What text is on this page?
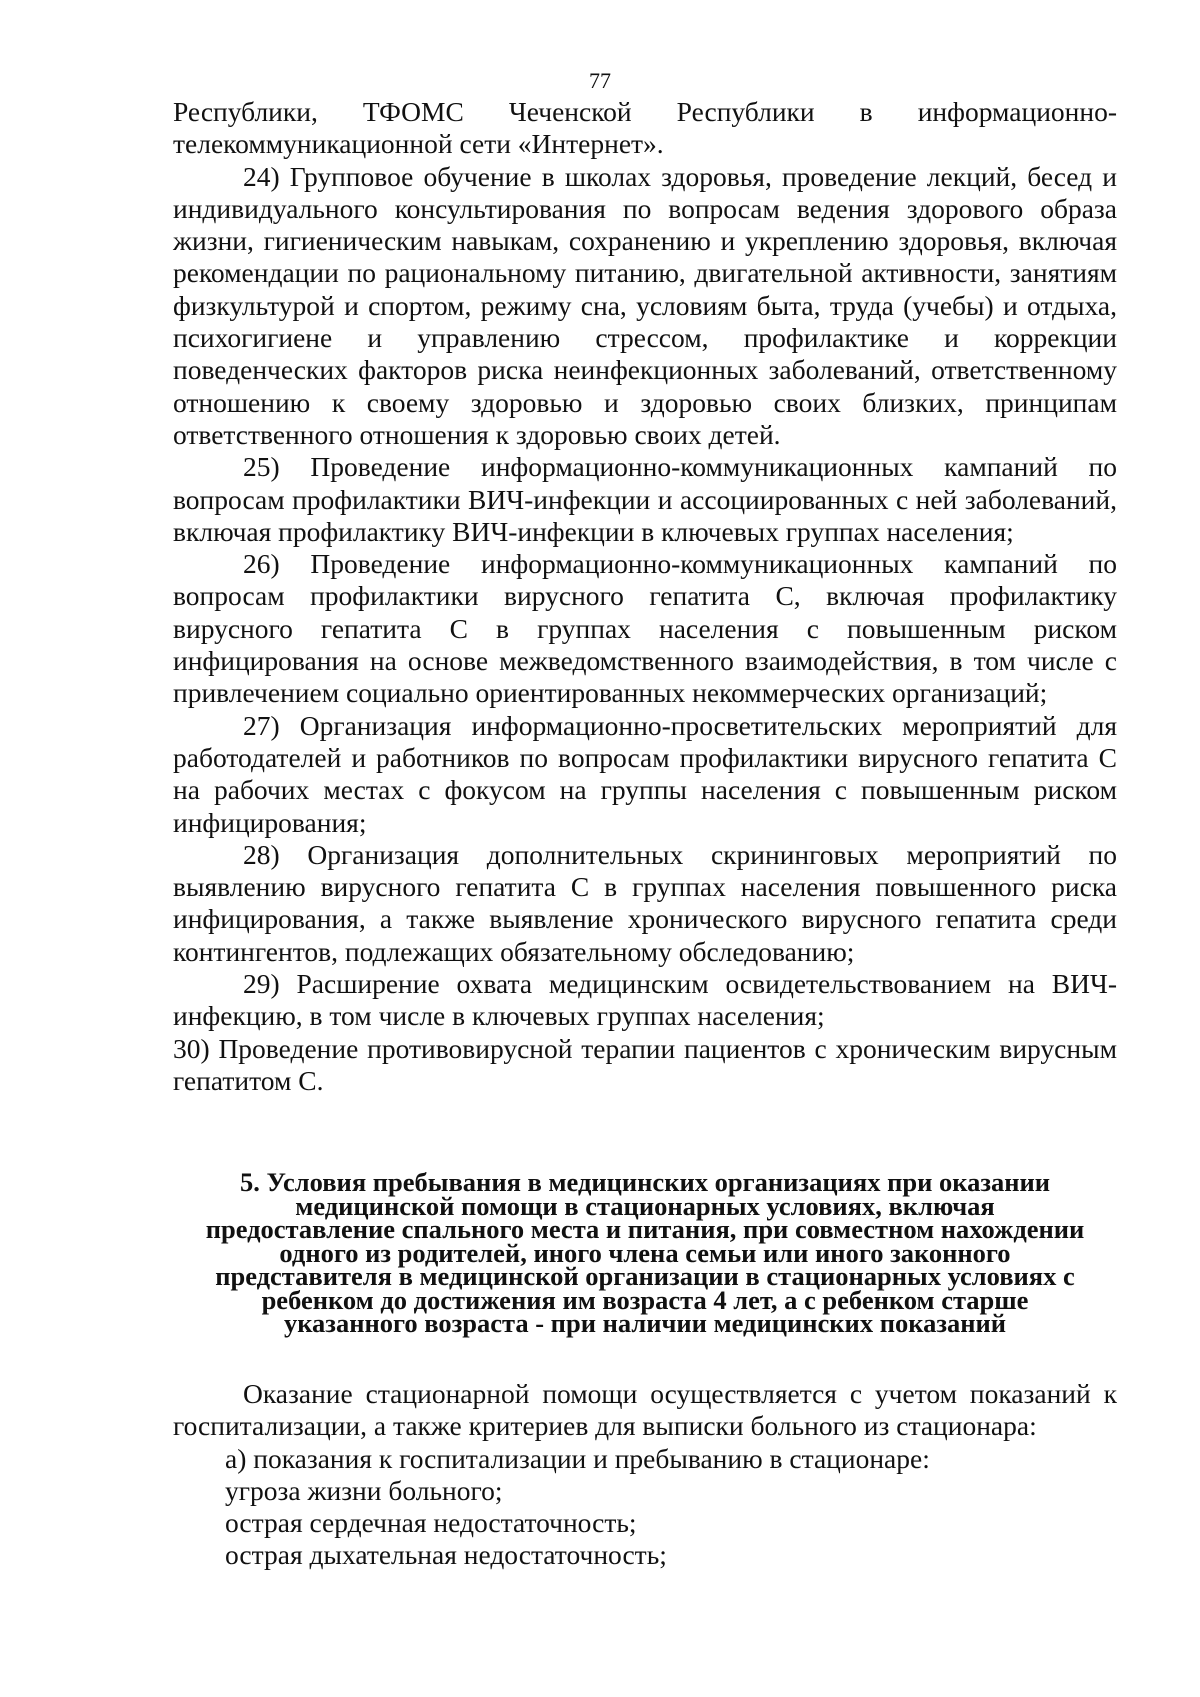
77

Республики, ТФОМС Чеченской Республики в информационно-телекоммуникационной сети «Интернет».

24) Групповое обучение в школах здоровья, проведение лекций, бесед и индивидуального консультирования по вопросам ведения здорового образа жизни, гигиеническим навыкам, сохранению и укреплению здоровья, включая рекомендации по рациональному питанию, двигательной активности, занятиям физкультурой и спортом, режиму сна, условиям быта, труда (учебы) и отдыха, психогигиене и управлению стрессом, профилактике и коррекции поведенческих факторов риска неинфекционных заболеваний, ответственному отношению к своему здоровью и здоровью своих близких, принципам ответственного отношения к здоровью своих детей.

25) Проведение информационно-коммуникационных кампаний по вопросам профилактики ВИЧ-инфекции и ассоциированных с ней заболеваний, включая профилактику ВИЧ-инфекции в ключевых группах населения;

26) Проведение информационно-коммуникационных кампаний по вопросам профилактики вирусного гепатита С, включая профилактику вирусного гепатита С в группах населения с повышенным риском инфицирования на основе межведомственного взаимодействия, в том числе с привлечением социально ориентированных некоммерческих организаций;

27) Организация информационно-просветительских мероприятий для работодателей и работников по вопросам профилактики вирусного гепатита С на рабочих местах с фокусом на группы населения с повышенным риском инфицирования;

28) Организация дополнительных скрининговых мероприятий по выявлению вирусного гепатита С в группах населения повышенного риска инфицирования, а также выявление хронического вирусного гепатита среди контингентов, подлежащих обязательному обследованию;

29) Расширение охвата медицинским освидетельствованием на ВИЧ-инфекцию, в том числе в ключевых группах населения;

30) Проведение противовирусной терапии пациентов с хроническим вирусным гепатитом С.

5. Условия пребывания в медицинских организациях при оказании
медицинской помощи в стационарных условиях, включая
предоставление спального места и питания, при совместном нахождении
одного из родителей, иного члена семьи или иного законного
представителя в медицинской организации в стационарных условиях с
ребенком до достижения им возраста 4 лет, а с ребенком старше
указанного возраста - при наличии медицинских показаний

Оказание стационарной помощи осуществляется с учетом показаний к госпитализации, а также критериев для выписки больного из стационара:

а) показания к госпитализации и пребыванию в стационаре:

угроза жизни больного;

острая сердечная недостаточность;

острая дыхательная недостаточность;
